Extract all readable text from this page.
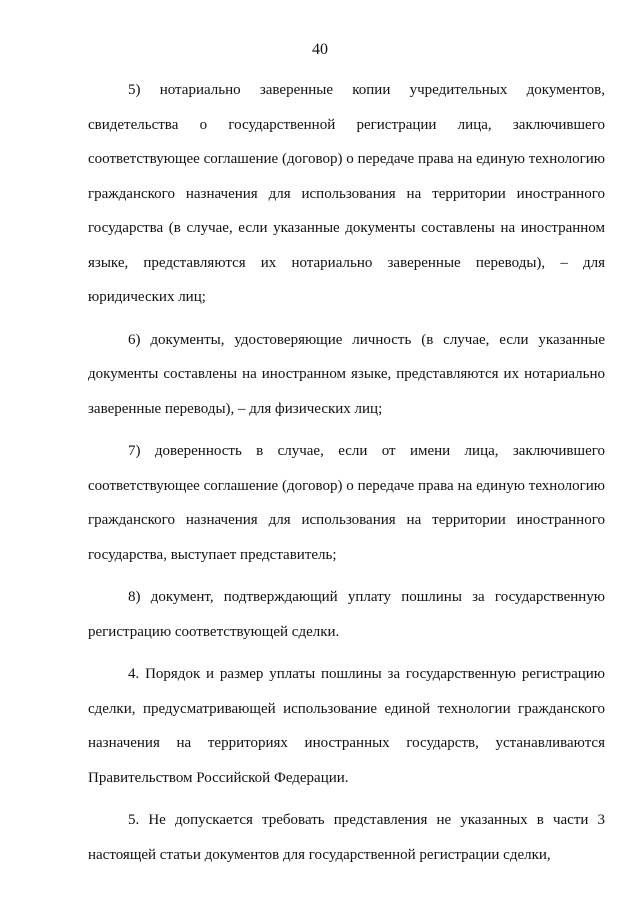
40

5) нотариально заверенные копии учредительных документов, свидетельства о государственной регистрации лица, заключившего соответствующее соглашение (договор) о передаче права на единую технологию гражданского назначения для использования на территории иностранного государства (в случае, если указанные документы составлены на иностранном языке, представляются их нотариально заверенные переводы), – для юридических лиц;

6) документы, удостоверяющие личность (в случае, если указанные документы составлены на иностранном языке, представляются их нотариально заверенные переводы), – для физических лиц;

7) доверенность в случае, если от имени лица, заключившего соответствующее соглашение (договор) о передаче права на единую технологию гражданского назначения для использования на территории иностранного государства, выступает представитель;

8) документ, подтверждающий уплату пошлины за государственную регистрацию соответствующей сделки.

4. Порядок и размер уплаты пошлины за государственную регистрацию сделки, предусматривающей использование единой технологии гражданского назначения на территориях иностранных государств, устанавливаются Правительством Российской Федерации.

5. Не допускается требовать представления не указанных в части 3 настоящей статьи документов для государственной регистрации сделки,
